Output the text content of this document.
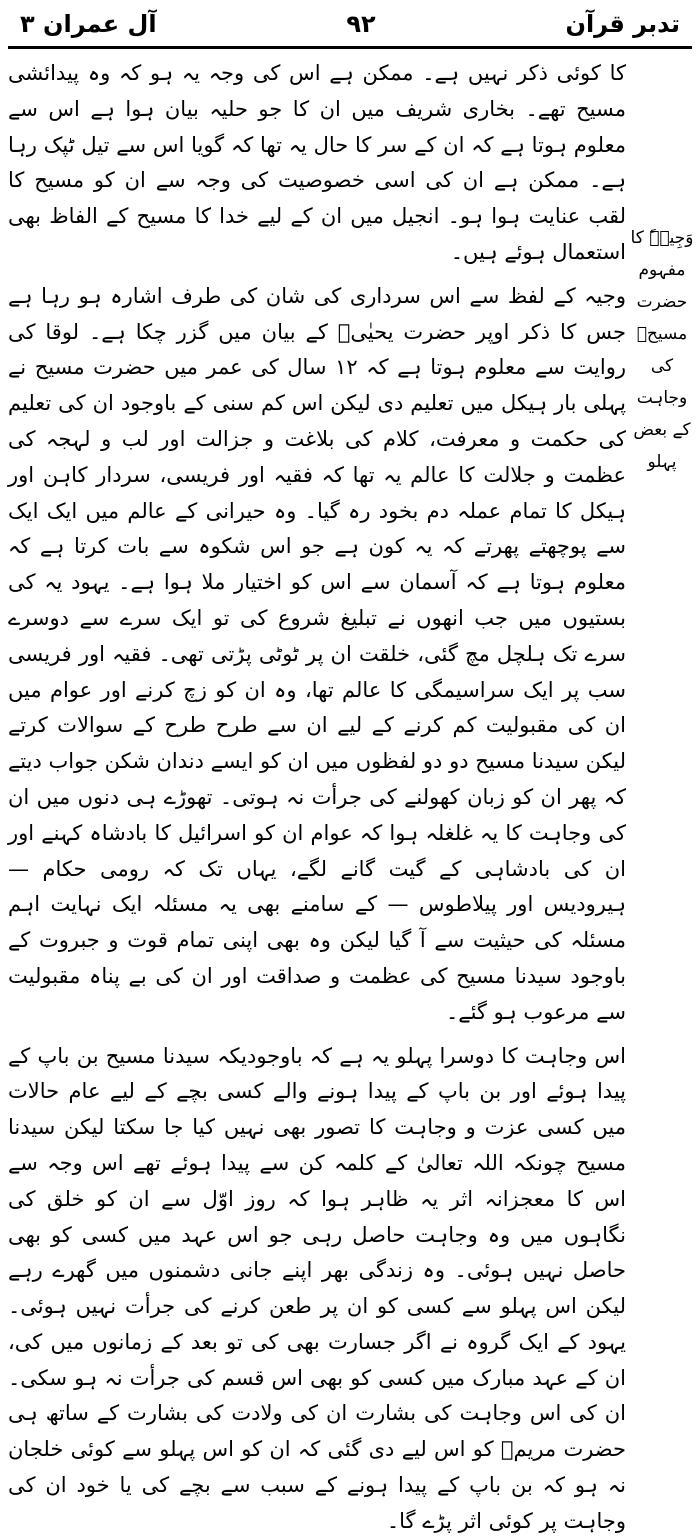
تدبر قرآن
٩٢
آل عمران ٣

کا کوئی ذکر نہیں ہے۔ ممکن ہے اس کی وجہ یہ ہو کہ وہ پیدائشی مسیح تھے۔ بخاری شریف میں ان کا جو حلیہ بیان ہوا ہے اس سے معلوم ہوتا ہے کہ ان کے سر کا حال یہ تھا کہ گویا اس سے تیل ٹپک رہا ہے۔ ممکن ہے ان کی اسی خصوصیت کی وجہ سے ان کو مسیح کا لقب عنایت ہوا ہو۔ انجیل میں ان کے لیے خدا کا مسیح کے الفاظ بھی استعمال ہوئے ہیں۔

وجیہ کے لفظ سے اس سرداری کی شان کی طرف اشارہ ہو رہا ہے جس کا ذکر اوپر حضرت یحیٰیؑ کے بیان میں گزر چکا ہے۔ لوقا کی روایت سے معلوم ہوتا ہے کہ ۱۲ سال کی عمر میں حضرت مسیح نے پہلی بار ہیکل میں تعلیم دی لیکن اس کم سنی کے باوجود ان کی تعلیم کی حکمت و معرفت، کلام کی بلاغت و جزالت اور لب و لہجہ کی عظمت و جلالت کا عالم یہ تھا کہ فقیہ اور فریسی، سردار کاہن اور ہیکل کا تمام عملہ دم بخود رہ گیا۔ وہ حیرانی کے عالم میں ایک ایک سے پوچھتے پھرتے کہ یہ کون ہے جو اس شکوہ سے بات کرتا ہے کہ معلوم ہوتا ہے کہ آسمان سے اس کو اختیار ملا ہوا ہے۔ یہود یہ کی بستیوں میں جب انھوں نے تبلیغ شروع کی تو ایک سرے سے دوسرے سرے تک ہلچل مچ گئی، خلقت ان پر ٹوٹی پڑتی تھی۔ فقیہ اور فریسی سب پر ایک سراسیمگی کا عالم تھا، وہ ان کو زچ کرنے اور عوام میں ان کی مقبولیت کم کرنے کے لیے ان سے طرح طرح کے سوالات کرتے لیکن سیدنا مسیح دو دو لفظوں میں ان کو ایسے دندان شکن جواب دیتے کہ پھر ان کو زبان کھولنے کی جرأت نہ ہوتی۔ تھوڑے ہی دنوں میں ان کی وجاہت کا یہ غلغلہ ہوا کہ عوام ان کو اسرائیل کا بادشاہ کہنے اور ان کی بادشاہی کے گیت گانے لگے، یہاں تک کہ رومی حکام — ہیرودیس اور پیلاطوس — کے سامنے بھی یہ مسئلہ ایک نہایت اہم مسئلہ کی حیثیت سے آ گیا لیکن وہ بھی اپنی تمام قوت و جبروت کے باوجود سیدنا مسیح کی عظمت و صداقت اور ان کی بے پناہ مقبولیت سے مرعوب ہو گئے۔

اس وجاہت کا دوسرا پہلو یہ ہے کہ باوجودیکہ سیدنا مسیح بن باپ کے پیدا ہوئے اور بن باپ کے پیدا ہونے والے کسی بچے کے لیے عام حالات میں کسی عزت و وجاہت کا تصور بھی نہیں کیا جا سکتا لیکن سیدنا مسیح چونکہ اللہ تعالیٰ کے کلمہ کن سے پیدا ہوئے تھے اس وجہ سے اس کا معجزانہ اثر یہ ظاہر ہوا کہ روز اوّل سے ان کو خلق کی نگاہوں میں وہ وجاہت حاصل رہی جو اس عہد میں کسی کو بھی حاصل نہیں ہوئی۔ وہ زندگی بھر اپنے جانی دشمنوں میں گھرے رہے لیکن اس پہلو سے کسی کو ان پر طعن کرنے کی جرأت نہیں ہوئی۔ یہود کے ایک گروہ نے اگر جسارت بھی کی تو بعد کے زمانوں میں کی، ان کے عہد مبارک میں کسی کو بھی اس قسم کی جرأت نہ ہو سکی۔ ان کی اس وجاہت کی بشارت ان کی ولادت کی بشارت کے ساتھ ہی حضرت مریمؑ کو اس لیے دی گئی کہ ان کو اس پہلو سے کوئی خلجان نہ ہو کہ بن باپ کے پیدا ہونے کے سبب سے بچے کی یا خود ان کی وجاہت پر کوئی اثر پڑے گا۔

وَجِیۡہً کا
مفہوم
حضرت مسیحؑ
کی وجاہت
کے بعض
پہلو
